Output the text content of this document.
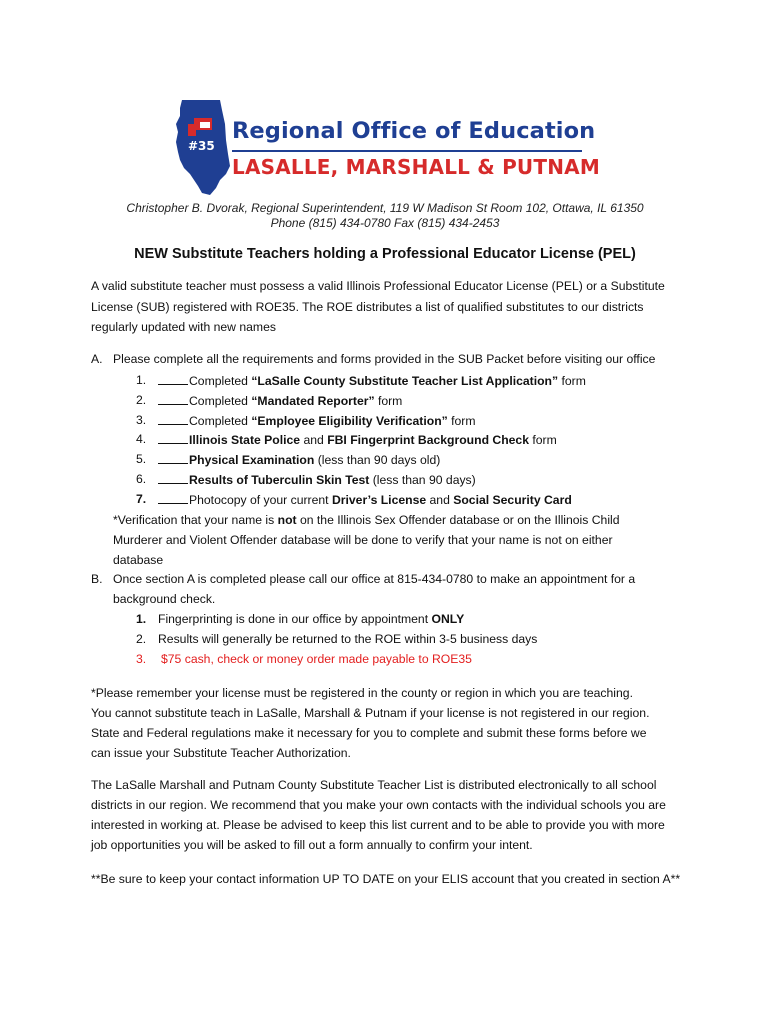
#35
Regional Office of Education
LASALLE, MARSHALL & PUTNAM
Christopher B. Dvorak, Regional Superintendent, 119 W Madison St Room 102, Ottawa, IL 61350
Phone (815) 434-0780 Fax (815) 434-2453
NEW Substitute Teachers holding a Professional Educator License (PEL)
A valid substitute teacher must possess a valid Illinois Professional Educator License (PEL) or a Substitute
License (SUB) registered with ROE35. The ROE distributes a list of qualified substitutes to our districts
regularly updated with new names
A. Please complete all the requirements and forms provided in the SUB Packet before visiting our office
1.	Completed “LaSalle County Substitute Teacher List Application” form
2.	Completed “Mandated Reporter” form
3.	Completed “Employee Eligibility Verification” form
4.	Illinois State Police and FBI Fingerprint Background Check form
5.	Physical Examination (less than 90 days old)
6.	Results of Tuberculin Skin Test (less than 90 days)
7.	Photocopy of your current Driver’s License and Social Security Card
*Verification that your name is not on the Illinois Sex Offender database or on the Illinois Child
Murderer and Violent Offender database will be done to verify that your name is not on either
database
B. Once section A is completed please call our office at 815-434-0780 to make an appointment for a
background check.
1. Fingerprinting is done in our office by appointment ONLY
2. Results will generally be returned to the ROE within 3-5 business days
3. $75 cash, check or money order made payable to ROE35
*Please remember your license must be registered in the county or region in which you are teaching.
You cannot substitute teach in LaSalle, Marshall & Putnam if your license is not registered in our region.
State and Federal regulations make it necessary for you to complete and submit these forms before we
can issue your Substitute Teacher Authorization.
The LaSalle Marshall and Putnam County Substitute Teacher List is distributed electronically to all school
districts in our region. We recommend that you make your own contacts with the individual schools you are
interested in working at. Please be advised to keep this list current and to be able to provide you with more
job opportunities you will be asked to fill out a form annually to confirm your intent.
**Be sure to keep your contact information UP TO DATE on your ELIS account that you created in section A**
